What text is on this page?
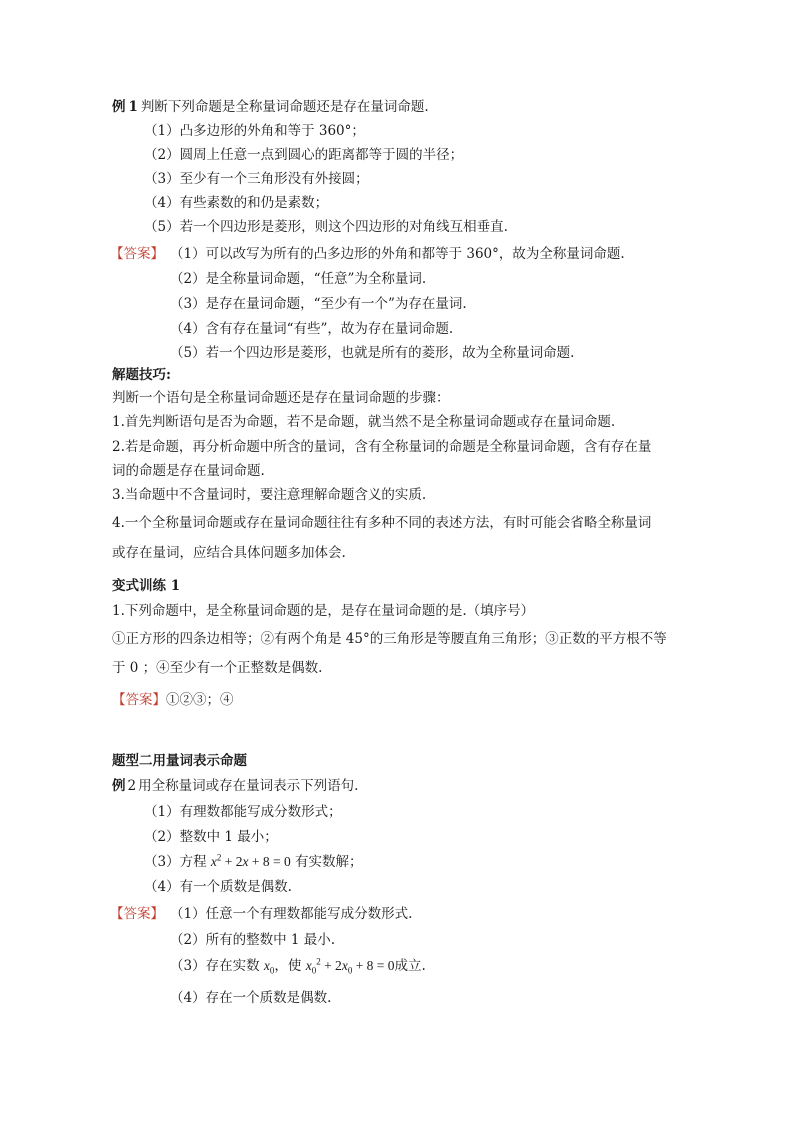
例 1 判断下列命题是全称量词命题还是存在量词命题.
（1）凸多边形的外角和等于 360°；
（2）圆周上任意一点到圆心的距离都等于圆的半径；
（3）至少有一个三角形没有外接圆；
（4）有些素数的和仍是素数；
（5）若一个四边形是菱形，则这个四边形的对角线互相垂直.
【答案】 （1）可以改写为所有的凸多边形的外角和都等于 360°，故为全称量词命题.
（2）是全称量词命题，“任意”为全称量词.
（3）是存在量词命题，“至少有一个”为存在量词.
（4）含有存在量词“有些”，故为存在量词命题.
（5）若一个四边形是菱形，也就是所有的菱形，故为全称量词命题.
解题技巧:
判断一个语句是全称量词命题还是存在量词命题的步骤：
1.首先判断语句是否为命题，若不是命题，就当然不是全称量词命题或存在量词命题.
2.若是命题，再分析命题中所含的量词，含有全称量词的命题是全称量词命题，含有存在量
词的命题是存在量词命题.
3.当命题中不含量词时，要注意理解命题含义的实质.
4.一个全称量词命题或存在量词命题往往有多种不同的表述方法，有时可能会省略全称量词
或存在量词，应结合具体问题多加体会.
变式训练 1
1.下列命题中，是全称量词命题的是，是存在量词命题的是.（填序号）
①正方形的四条边相等；②有两个角是 45°的三角形是等腰直角三角形；③正数的平方根不等
于 0 ；④至少有一个正整数是偶数.
【答案】①②③；④
题型二用量词表示命题
例 2 用全称量词或存在量词表示下列语句.
（1）有理数都能写成分数形式；
（2）整数中 1 最小；
（3）方程 $x^2 + 2x + 8 = 0$ 有实数解；
（4）有一个质数是偶数.
【答案】 （1）任意一个有理数都能写成分数形式.
（2）所有的整数中 1 最小.
（3）存在实数 $x_0$，使 $x_0^2 + 2x_0 + 8 = 0$成立.
（4）存在一个质数是偶数.
